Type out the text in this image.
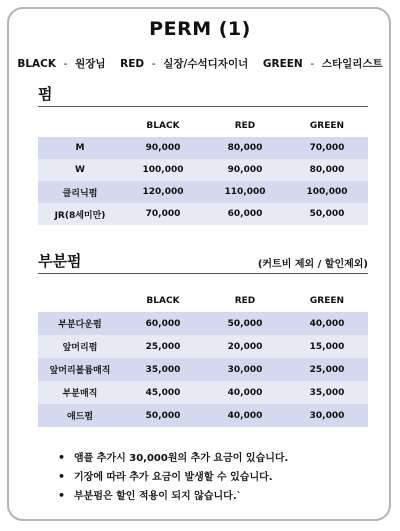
PERM (1)
BLACK - 원장님 RED - 실장/수석디자이너 GREEN - 스타일리스트
펌
	BLACK	RED	GREEN
M	90,000	80,000	70,000
W	100,000	90,000	80,000
클리닉펌	120,000	110,000	100,000
JR(8세미만)	70,000	60,000	50,000
부분펌	(커트비 제외 / 할인제외)
	BLACK	RED	GREEN
부분다운펌	60,000	50,000	40,000
앞머리펌	25,000	20,000	15,000
앞머리볼륨매직	35,000	30,000	25,000
부분매직	45,000	40,000	35,000
애드펌	50,000	40,000	30,000
• 앰플 추가시 30,000원의 추가 요금이 있습니다.
• 기장에 따라 추가 요금이 발생할 수 있습니다.
• 부분펌은 할인 적용이 되지 않습니다.`
